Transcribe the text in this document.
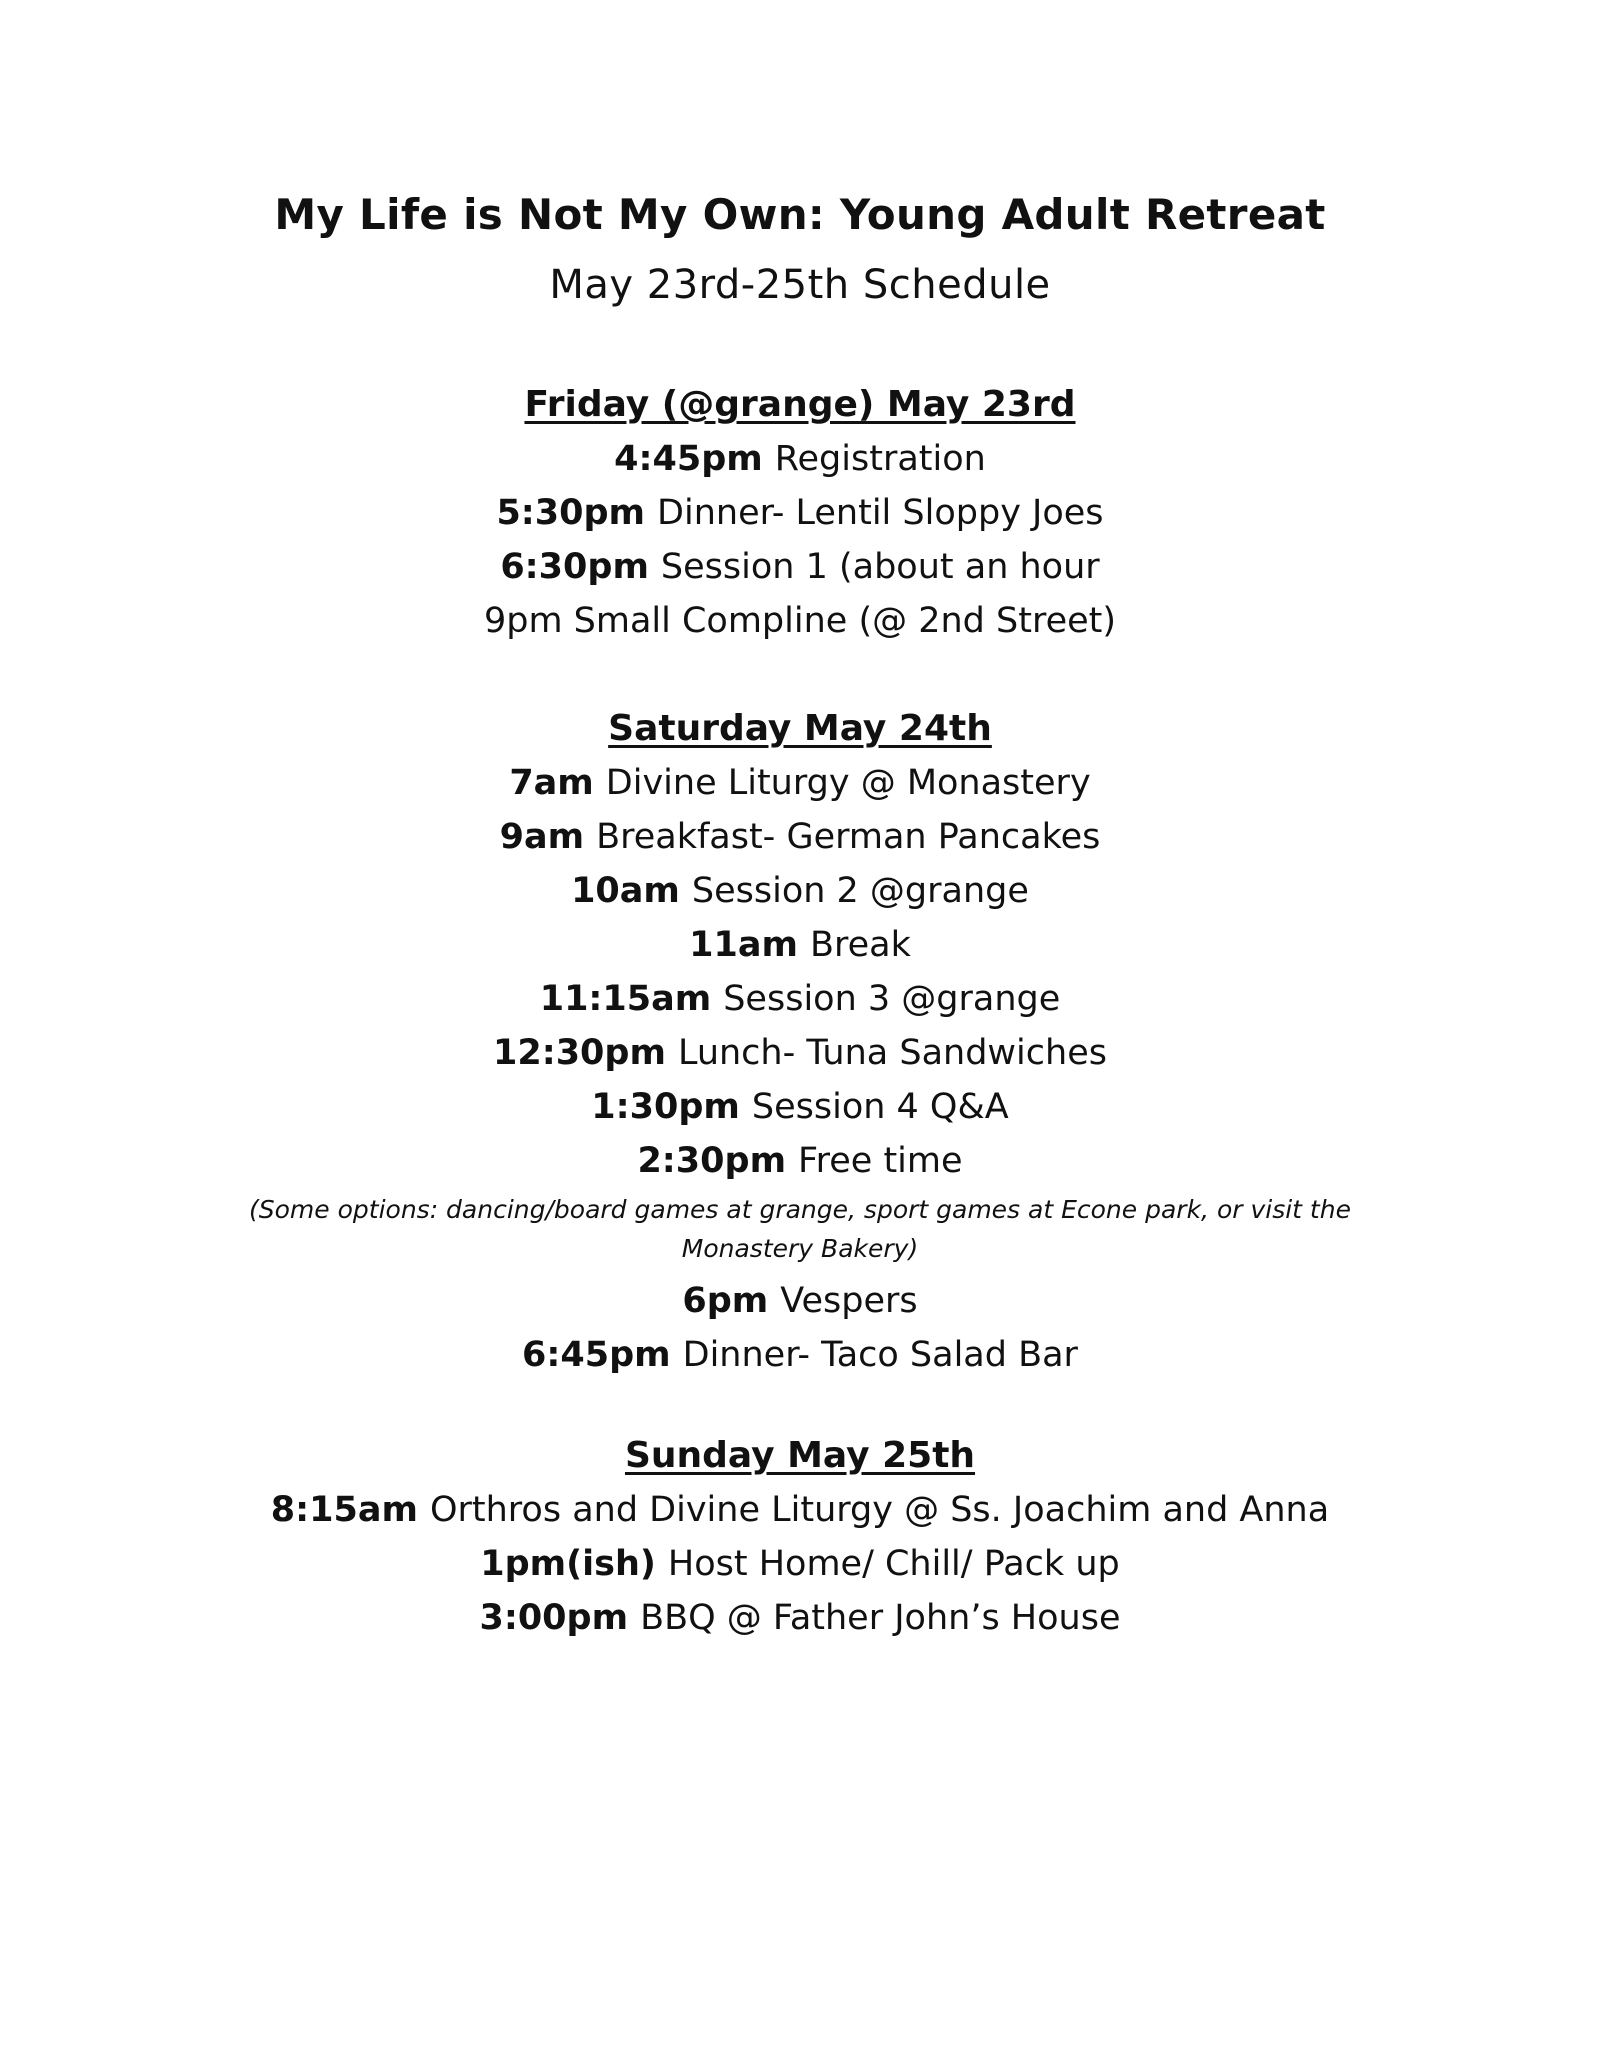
My Life is Not My Own: Young Adult Retreat
May 23rd-25th Schedule
Friday (@grange) May 23rd
4:45pm Registration
5:30pm Dinner- Lentil Sloppy Joes
6:30pm Session 1 (about an hour
9pm Small Compline (@ 2nd Street)
Saturday May 24th
7am Divine Liturgy @ Monastery
9am Breakfast- German Pancakes
10am Session 2 @grange
11am Break
11:15am Session 3 @grange
12:30pm Lunch- Tuna Sandwiches
1:30pm Session 4 Q&A
2:30pm Free time
(Some options: dancing/board games at grange, sport games at Econe park, or visit the Monastery Bakery)
6pm Vespers
6:45pm Dinner- Taco Salad Bar
Sunday May 25th
8:15am Orthros and Divine Liturgy @ Ss. Joachim and Anna
1pm(ish) Host Home/ Chill/ Pack up
3:00pm BBQ @ Father John’s House
